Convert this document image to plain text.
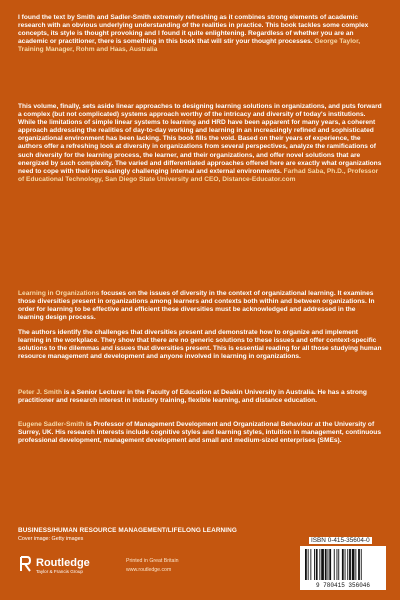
I found the text by Smith and Sadler-Smith extremely refreshing as it combines strong elements of academic research with an obvious underlying understanding of the realities in practice. This book tackles some complex concepts, its style is thought provoking and I found it quite enlightening. Regardless of whether you are an academic or practitioner, there is something in this book that will stir your thought processes. George Taylor, Training Manager, Rohm and Haas, Australia

This volume, finally, sets aside linear approaches to designing learning solutions in organizations, and puts forward a complex (but not complicated) systems approach worthy of the intricacy and diversity of today's institutions. While the limitations of simple linear systems to learning and HRD have been apparent for many years, a coherent approach addressing the realities of day-to-day working and learning in an increasingly refined and sophisticated organizational environment has been lacking. This book fills the void. Based on their years of experience, the authors offer a refreshing look at diversity in organizations from several perspectives, analyze the ramifications of such diversity for the learning process, the learner, and their organizations, and offer novel solutions that are energized by such complexity. The varied and differentiated approaches offered here are exactly what organizations need to cope with their increasingly challenging internal and external environments. Farhad Saba, Ph.D., Professor of Educational Technology, San Diego State University and CEO, Distance-Educator.com

Learning in Organizations focuses on the issues of diversity in the context of organizational learning. It examines those diversities present in organizations among learners and contexts both within and between organizations. In order for learning to be effective and efficient these diversities must be acknowledged and addressed in the learning design process.

The authors identify the challenges that diversities present and demonstrate how to organize and implement learning in the workplace. They show that there are no generic solutions to these issues and offer context-specific solutions to the dilemmas and issues that diversities present. This is essential reading for all those studying human resource management and development and anyone involved in learning in organizations.

Peter J. Smith is a Senior Lecturer in the Faculty of Education at Deakin University in Australia. He has a strong practitioner and research interest in industry training, flexible learning, and distance education.

Eugene Sadler-Smith is Professor of Management Development and Organizational Behaviour at the University of Surrey, UK. His research interests include cognitive styles and learning styles, intuition in management, continuous professional development, management development and small and medium-sized enterprises (SMEs).

BUSINESS/HUMAN RESOURCE MANAGEMENT/LIFELONG LEARNING
Cover image: Getty images
Routledge
Taylor & Francis Group
Printed in Great Britain
www.routledge.com
ISBN 0-415-35604-0
9 780415 356046
